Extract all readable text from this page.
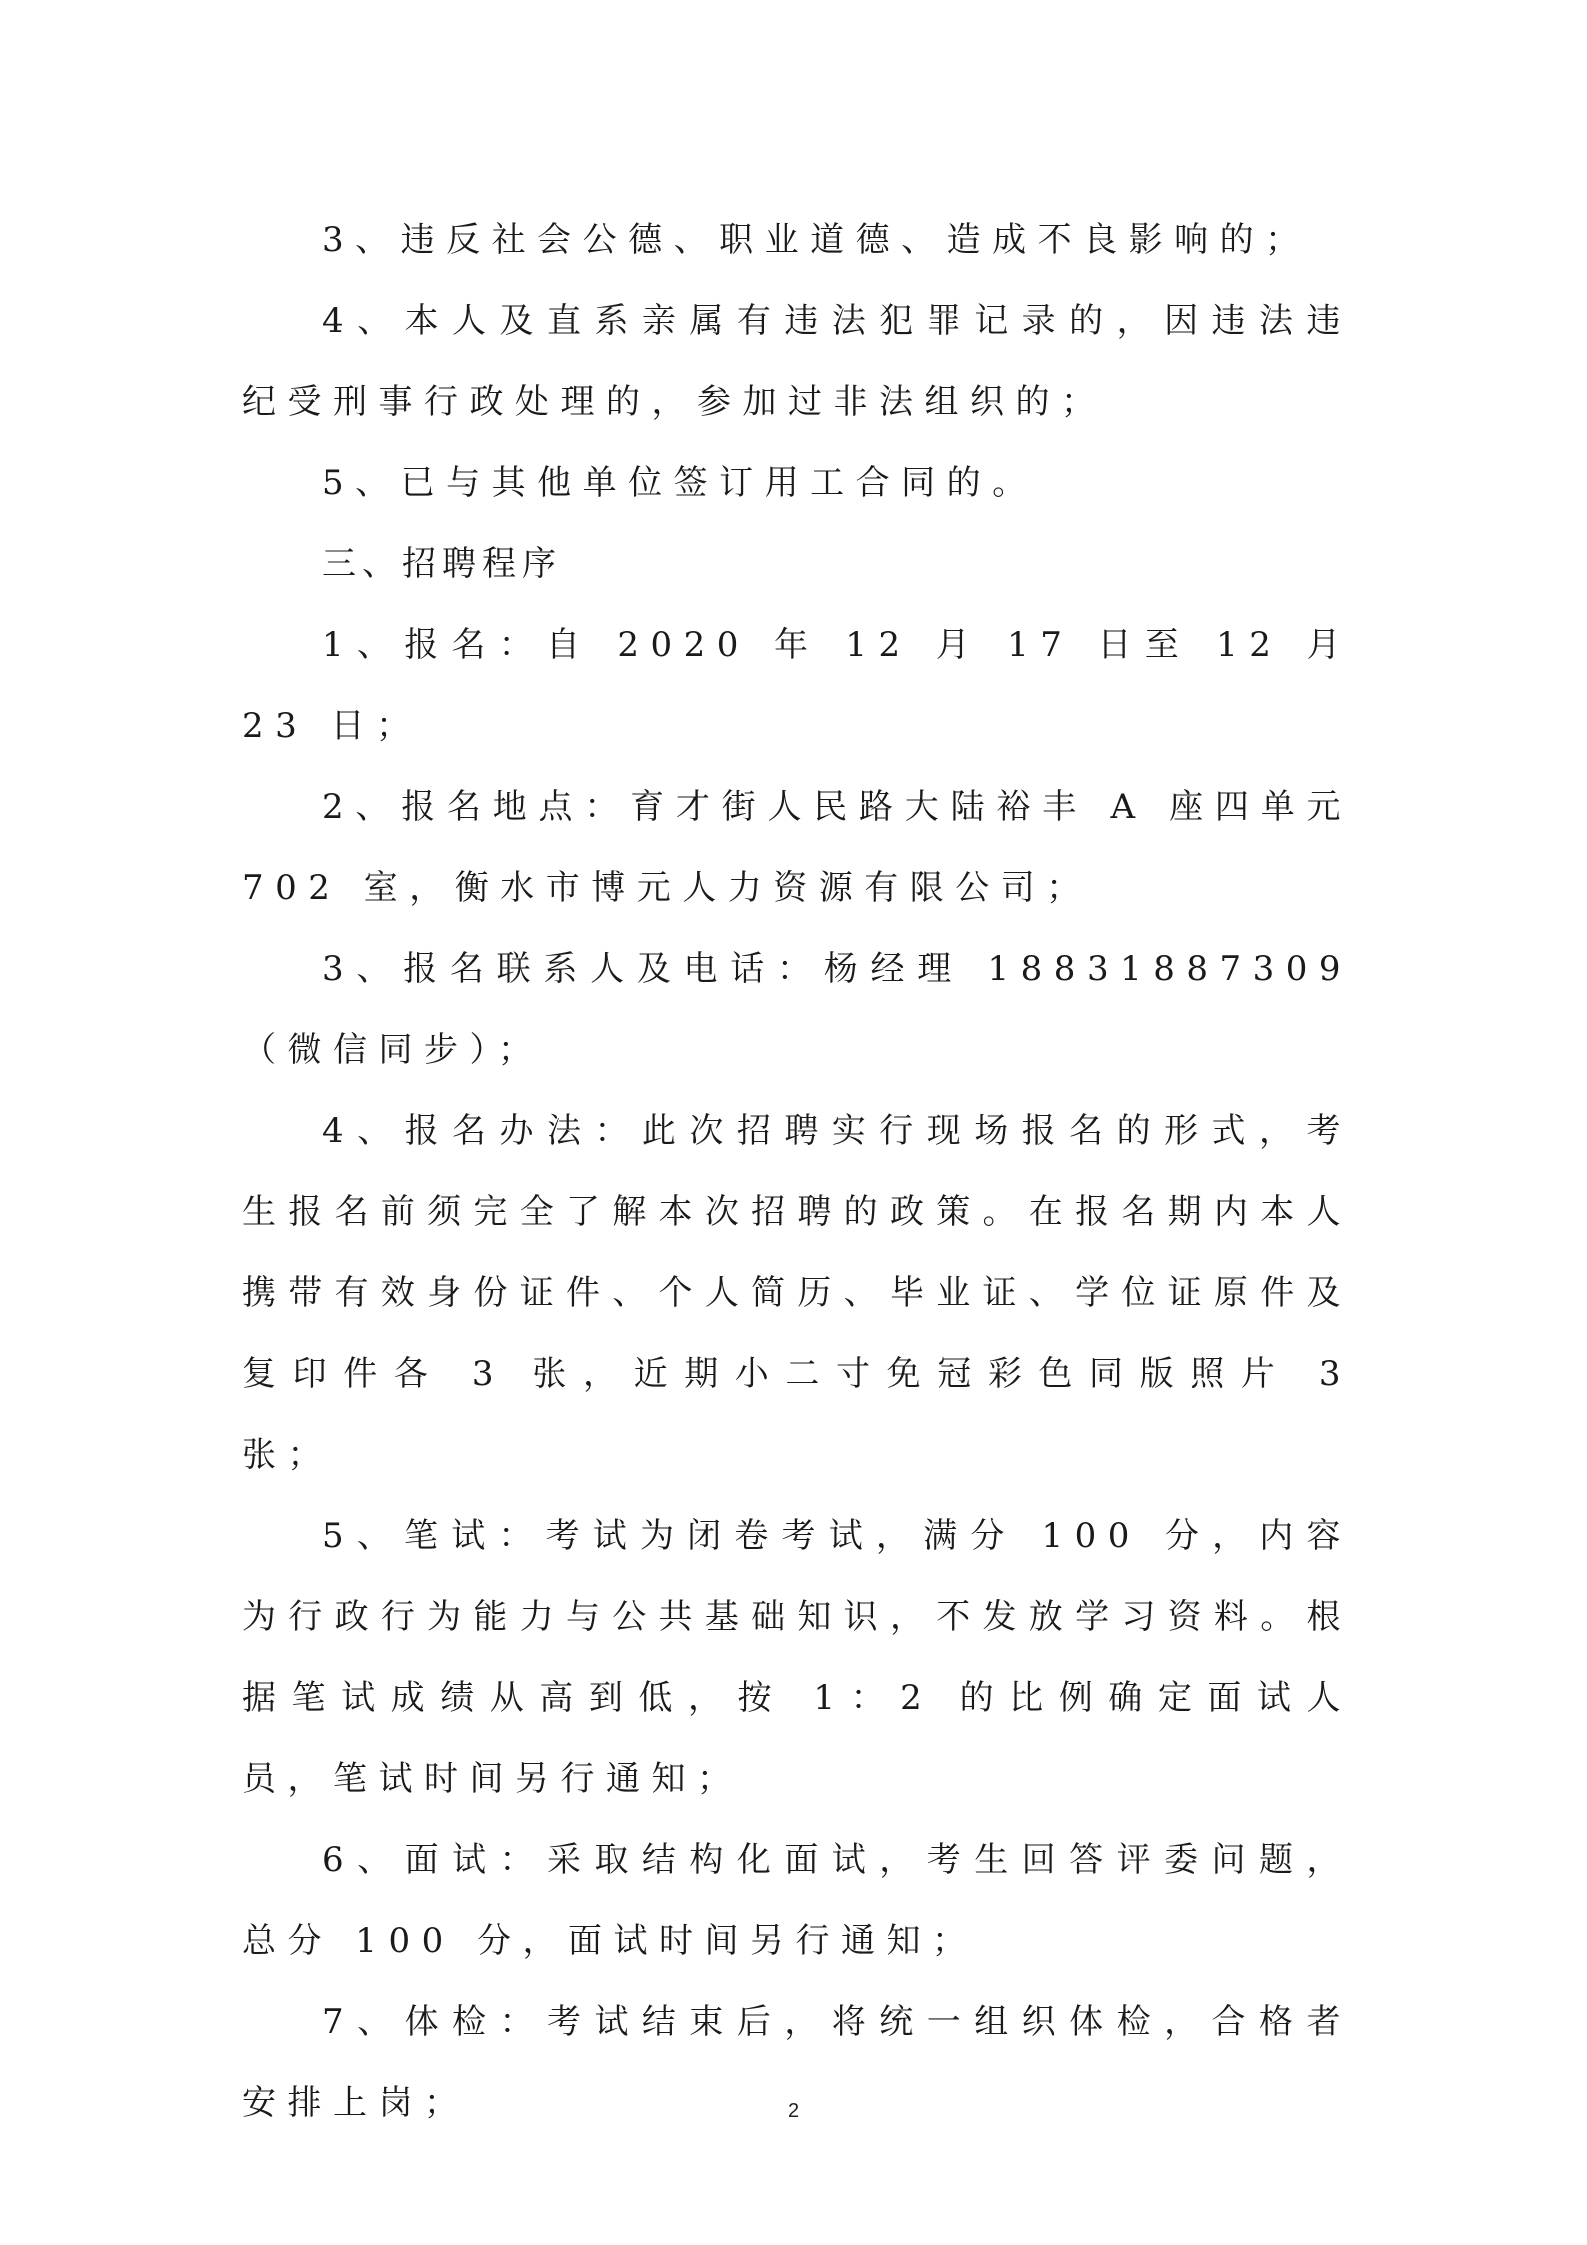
3、违反社会公德、职业道德、造成不良影响的；

4、本人及直系亲属有违法犯罪记录的，因违法违纪受刑事行政处理的，参加过非法组织的；

5、已与其他单位签订用工合同的。

三、招聘程序

1、报名：自 2020 年 12 月 17 日至 12 月 23 日；

2、报名地点：育才街人民路大陆裕丰 A 座四单元 702 室，衡水市博元人力资源有限公司；

3、报名联系人及电话：杨经理 18831887309（微信同步）；

4、报名办法：此次招聘实行现场报名的形式，考生报名前须完全了解本次招聘的政策。在报名期内本人携带有效身份证件、个人简历、毕业证、学位证原件及复印件各 3 张，近期小二寸免冠彩色同版照片 3 张；

5、笔试：考试为闭卷考试，满分 100 分，内容为行政行为能力与公共基础知识，不发放学习资料。根据笔试成绩从高到低，按 1：2 的比例确定面试人员，笔试时间另行通知；

6、面试：采取结构化面试，考生回答评委问题，总分 100 分，面试时间另行通知；

7、体检：考试结束后，将统一组织体检，合格者安排上岗；	2
